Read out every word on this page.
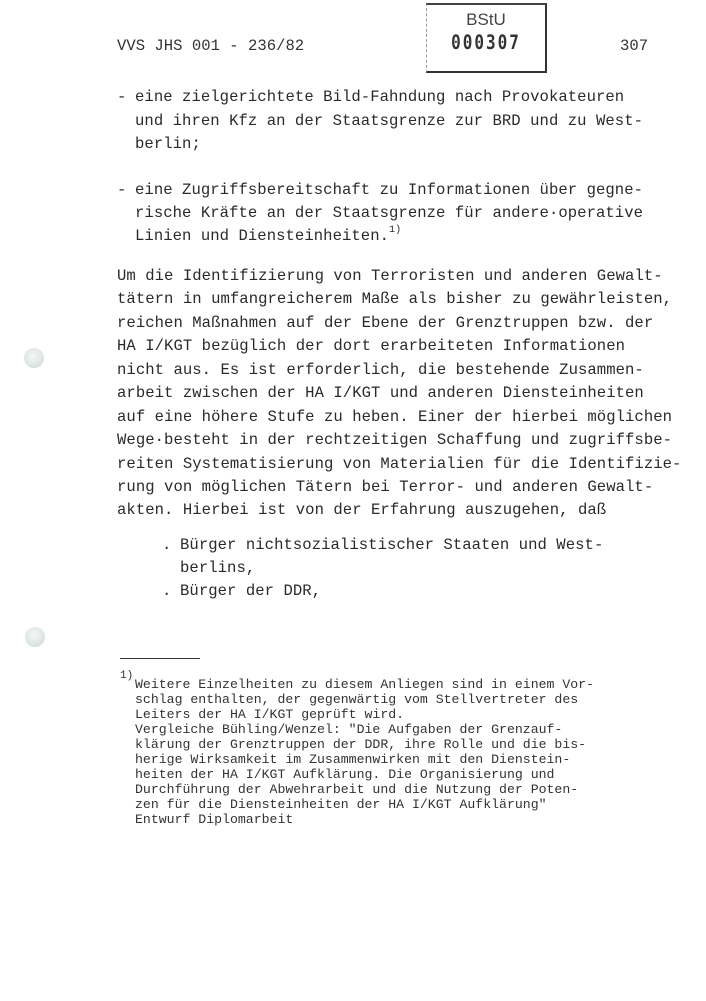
VVS JHS 001 - 236/82	307
BStU
000307
- eine zielgerichtete Bild-Fahndung nach Provokateuren
und ihren Kfz an der Staatsgrenze zur BRD und zu West-
berlin;
- eine Zugriffsbereitschaft zu Informationen über gegne-
rische Kräfte an der Staatsgrenze für andere·operative
Linien und Diensteinheiten.$^{1)}$
Um die Identifizierung von Terroristen und anderen Gewalt-
tätern in umfangreicherem Maße als bisher zu gewährleisten,
reichen Maßnahmen auf der Ebene der Grenztruppen bzw. der
HA I/KGT bezüglich der dort erarbeiteten Informationen
nicht aus. Es ist erforderlich, die bestehende Zusammen-
arbeit zwischen der HA I/KGT und anderen Diensteinheiten
auf eine höhere Stufe zu heben. Einer der hierbei möglichen
Wege·besteht in der rechtzeitigen Schaffung und zugriffsbe-
reiten Systematisierung von Materialien für die Identifizie-
rung von möglichen Tätern bei Terror- und anderen Gewalt-
akten. Hierbei ist von der Erfahrung auszugehen, daß
. Bürger nichtsozialistischer Staaten und West-
berlins,
. Bürger der DDR,
1)
Weitere Einzelheiten zu diesem Anliegen sind in einem Vor-
schlag enthalten, der gegenwärtig vom Stellvertreter des
Leiters der HA I/KGT geprüft wird.
Vergleiche Bühling/Wenzel: "Die Aufgaben der Grenzauf-
klärung der Grenztruppen der DDR, ihre Rolle und die bis-
herige Wirksamkeit im Zusammenwirken mit den Dienstein-
heiten der HA I/KGT Aufklärung. Die Organisierung und
Durchführung der Abwehrarbeit und die Nutzung der Poten-
zen für die Diensteinheiten der HA I/KGT Aufklärung"
Entwurf Diplomarbeit
